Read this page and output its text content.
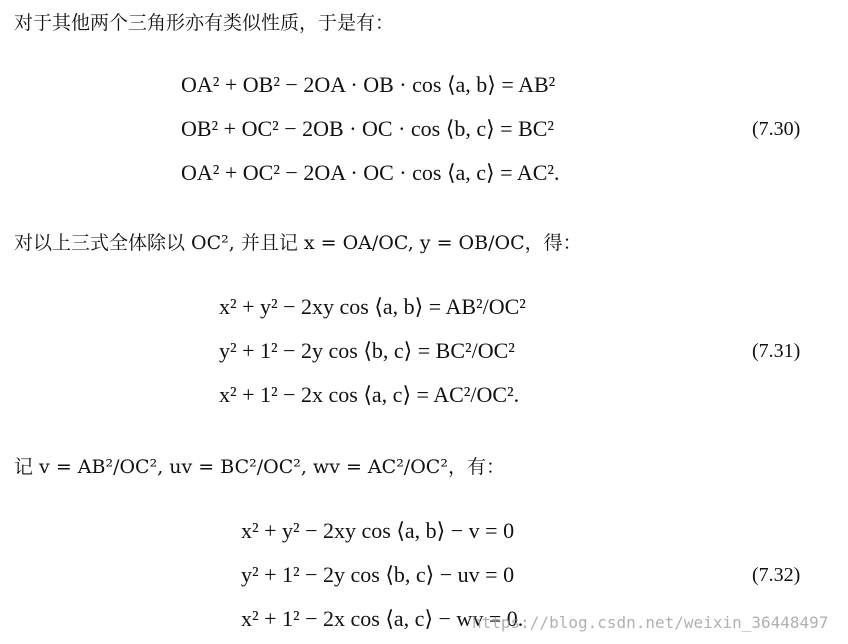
对于其他两个三角形亦有类似性质，于是有：
OA² + OB² − 2OA · OB · cos ⟨a, b⟩ = AB²
OB² + OC² − 2OB · OC · cos ⟨b, c⟩ = BC²
OA² + OC² − 2OA · OC · cos ⟨a, c⟩ = AC².
(7.30)
对以上三式全体除以 OC², 并且记 x = OA/OC, y = OB/OC，得：
x² + y² − 2xy cos ⟨a, b⟩ = AB²/OC²
y² + 1² − 2y cos ⟨b, c⟩ = BC²/OC²
x² + 1² − 2x cos ⟨a, c⟩ = AC²/OC².
(7.31)
记 v = AB²/OC², uv = BC²/OC², wv = AC²/OC²，有：
x² + y² − 2xy cos ⟨a, b⟩ − v = 0
y² + 1² − 2y cos ⟨b, c⟩ − uv = 0
x² + 1² − 2x cos ⟨a, c⟩ − wv = 0.
(7.32)
https://blog.csdn.net/weixin_36448497
